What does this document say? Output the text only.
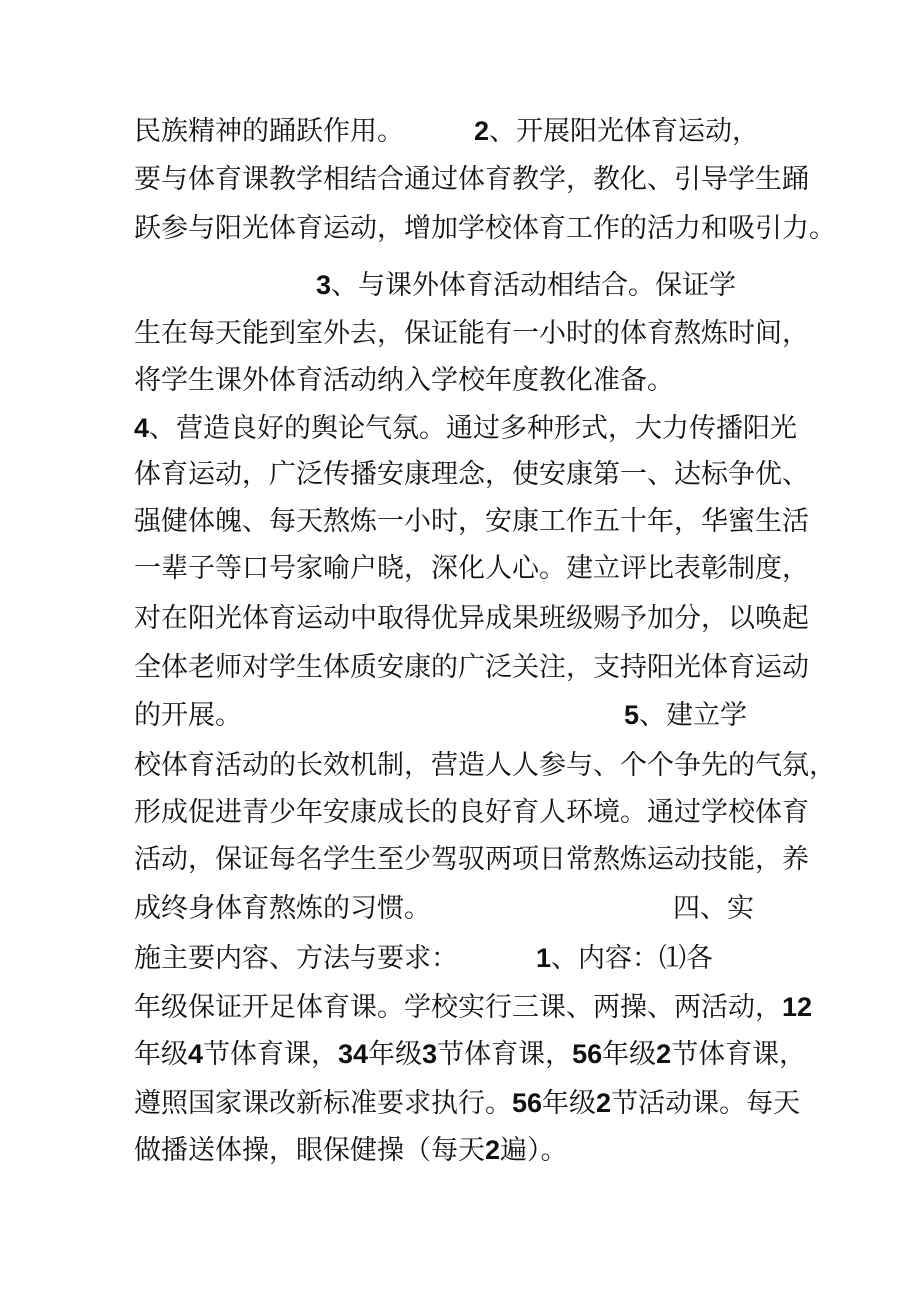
民族精神的踊跃作用。	2、开展阳光体育运动，
要与体育课教学相结合通过体育教学，教化、引导学生踊
跃参与阳光体育运动，增加学校体育工作的活力和吸引力。
3、与课外体育活动相结合。保证学
生在每天能到室外去，保证能有一小时的体育熬炼时间，
将学生课外体育活动纳入学校年度教化准备。
4、营造良好的舆论气氛。通过多种形式，大力传播阳光
体育运动，广泛传播安康理念，使安康第一、达标争优、
强健体魄、每天熬炼一小时，安康工作五十年，华蜜生活
一辈子等口号家喻户晓，深化人心。建立评比表彰制度，
对在阳光体育运动中取得优异成果班级赐予加分，以唤起
全体老师对学生体质安康的广泛关注，支持阳光体育运动
的开展。	5、建立学
校体育活动的长效机制，营造人人参与、个个争先的气氛，
形成促进青少年安康成长的良好育人环境。通过学校体育
活动，保证每名学生至少驾驭两项日常熬炼运动技能，养
成终身体育熬炼的习惯。	四、实
施主要内容、方法与要求：	1、内容：⑴各
年级保证开足体育课。学校实行三课、两操、两活动，12
年级4节体育课，34年级3节体育课，56年级2节体育课，
遵照国家课改新标准要求执行。56年级2节活动课。每天
做播送体操，眼保健操（每天2遍）。
